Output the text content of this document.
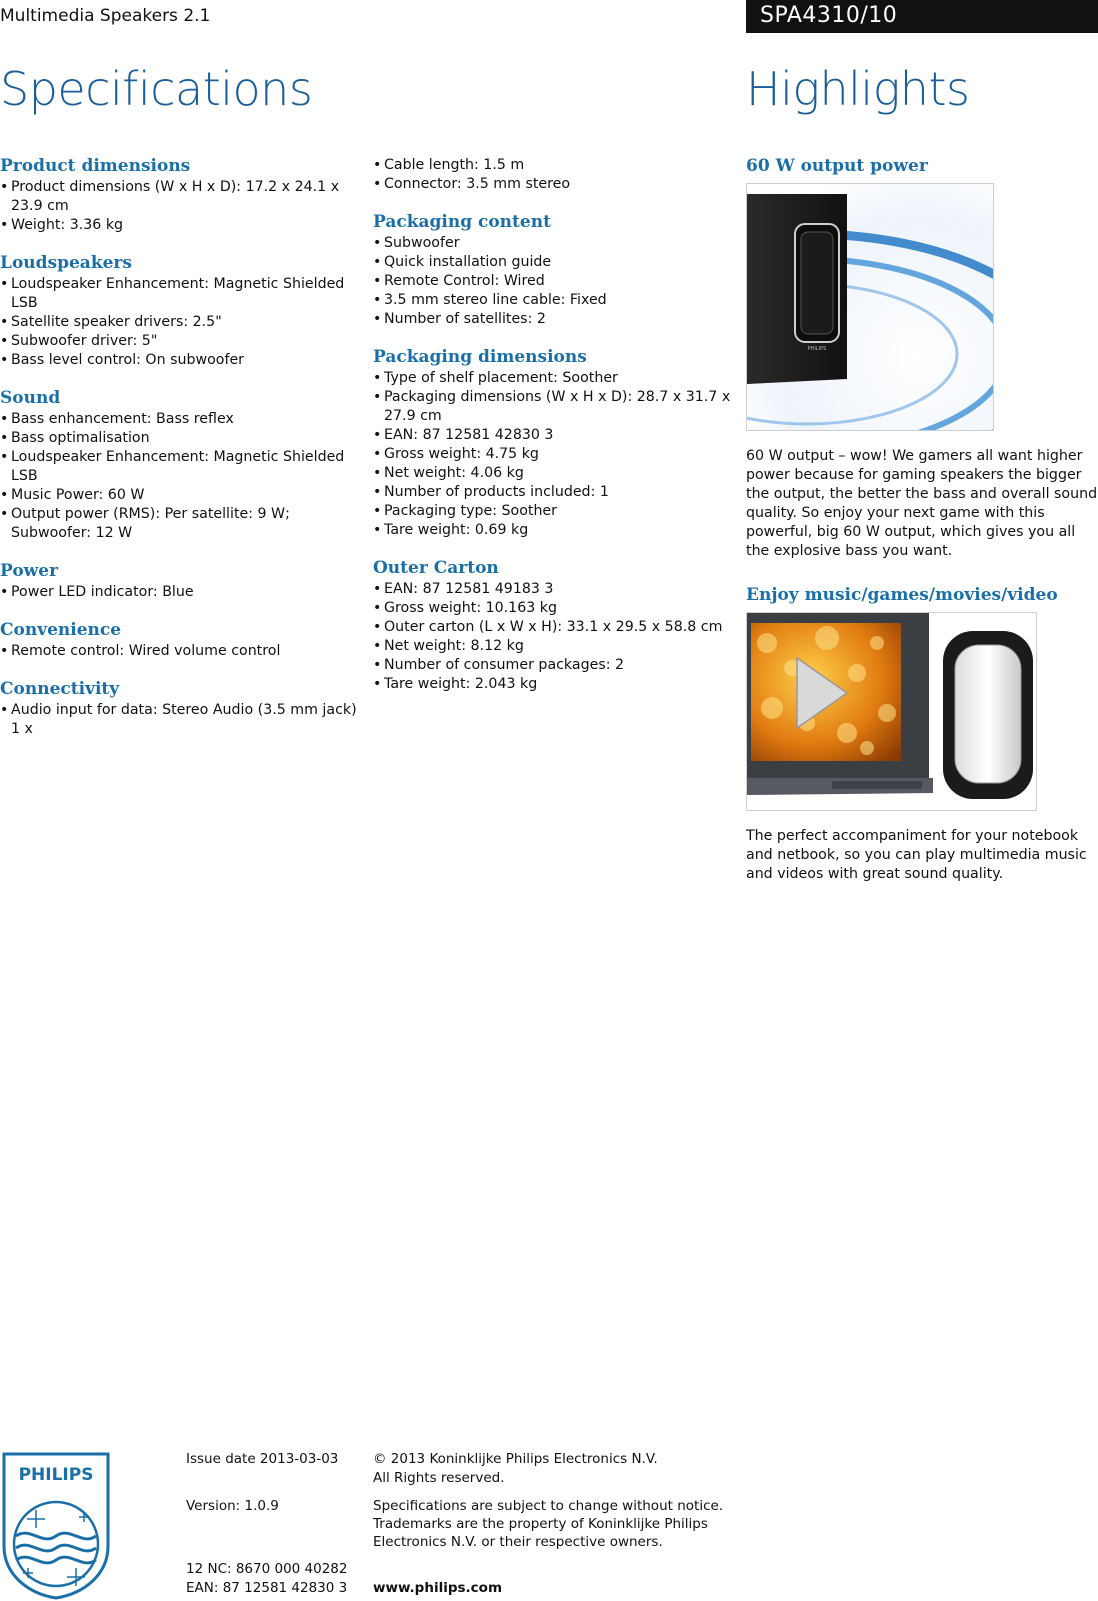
Multimedia Speakers 2.1	SPA4310/10
Specifications	Highlights
Product dimensions
• Product dimensions (W x H x D): 17.2 x 24.1 x 23.9 cm
• Weight: 3.36 kg
Loudspeakers
• Loudspeaker Enhancement: Magnetic Shielded LSB
• Satellite speaker drivers: 2.5"
• Subwoofer driver: 5"
• Bass level control: On subwoofer
Sound
• Bass enhancement: Bass reflex
• Bass optimalisation
• Loudspeaker Enhancement: Magnetic Shielded LSB
• Music Power: 60 W
• Output power (RMS): Per satellite: 9 W; Subwoofer: 12 W
Power
• Power LED indicator: Blue
Convenience
• Remote control: Wired volume control
Connectivity
• Audio input for data: Stereo Audio (3.5 mm jack) 1 x
• Cable length: 1.5 m
• Connector: 3.5 mm stereo
Packaging content
• Subwoofer
• Quick installation guide
• Remote Control: Wired
• 3.5 mm stereo line cable: Fixed
• Number of satellites: 2
Packaging dimensions
• Type of shelf placement: Soother
• Packaging dimensions (W x H x D): 28.7 x 31.7 x 27.9 cm
• EAN: 87 12581 42830 3
• Gross weight: 4.75 kg
• Net weight: 4.06 kg
• Number of products included: 1
• Packaging type: Soother
• Tare weight: 0.69 kg
Outer Carton
• EAN: 87 12581 49183 3
• Gross weight: 10.163 kg
• Outer carton (L x W x H): 33.1 x 29.5 x 58.8 cm
• Net weight: 8.12 kg
• Number of consumer packages: 2
• Tare weight: 2.043 kg
60 W output power
PHILIPS
60 W output – wow! We gamers all want higher power because for gaming speakers the bigger the output, the better the bass and overall sound quality. So enjoy your next game with this powerful, big 60 W output, which gives you all the explosive bass you want.
Enjoy music/games/movies/video
The perfect accompaniment for your notebook and netbook, so you can play multimedia music and videos with great sound quality.
PHILIPS
Issue date 2013-03-03
Version: 1.0.9
12 NC: 8670 000 40282
EAN: 87 12581 42830 3
© 2013 Koninklijke Philips Electronics N.V.
All Rights reserved.
Specifications are subject to change without notice.
Trademarks are the property of Koninklijke Philips
Electronics N.V. or their respective owners.
www.philips.com
